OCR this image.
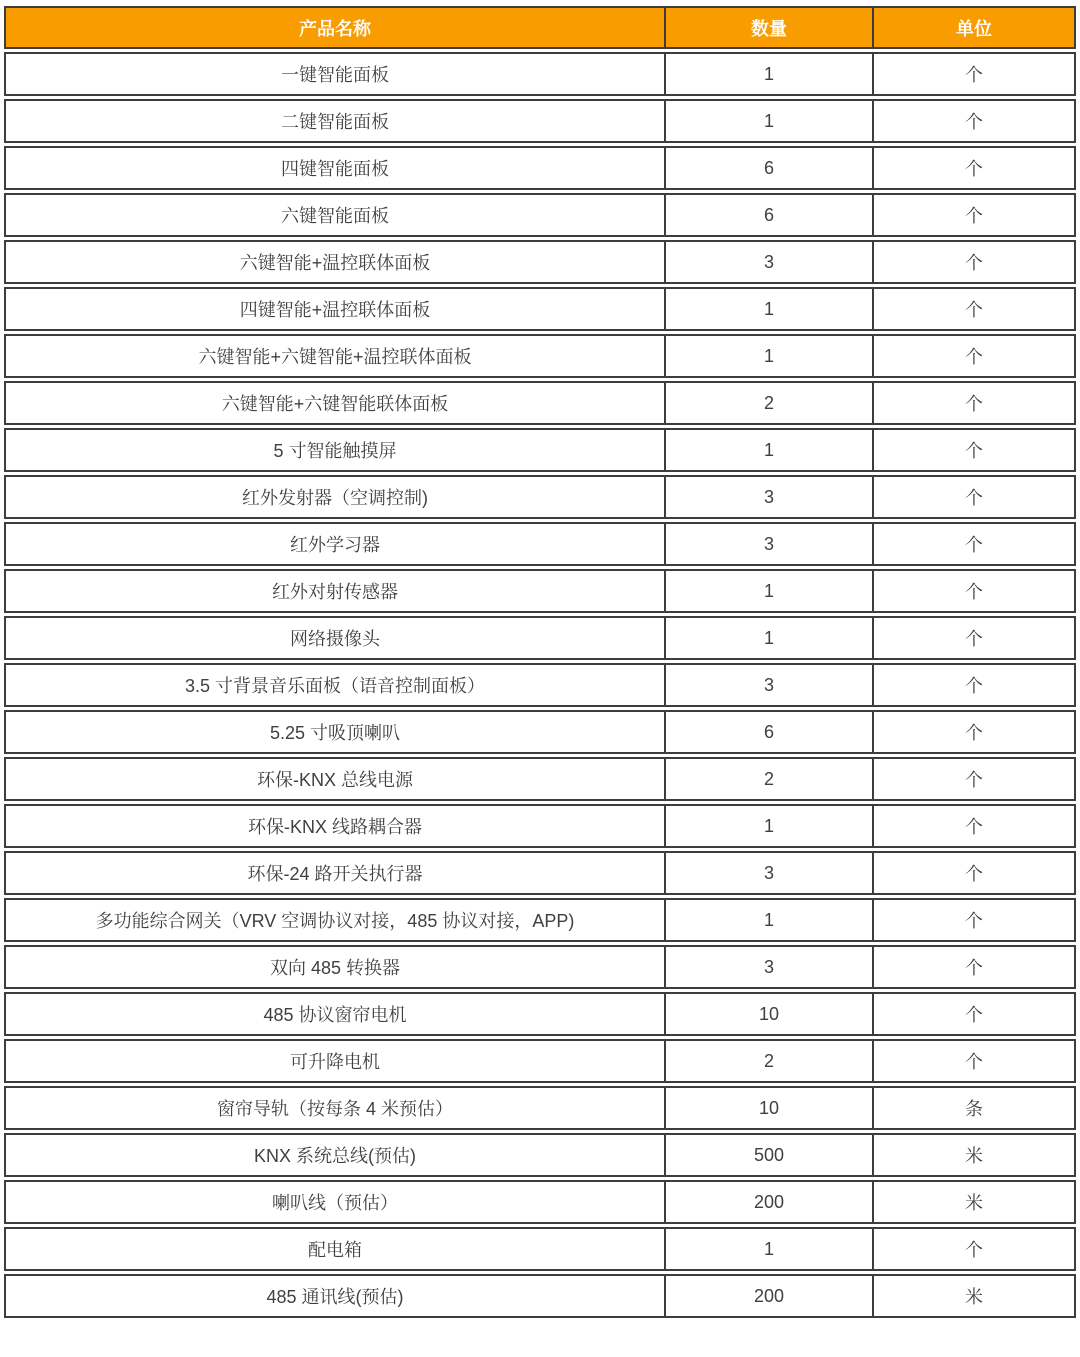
产品名称	数量	单位
一键智能面板	1	个
二键智能面板	1	个
四键智能面板	6	个
六键智能面板	6	个
六键智能+温控联体面板	3	个
四键智能+温控联体面板	1	个
六键智能+六键智能+温控联体面板	1	个
六键智能+六键智能联体面板	2	个
5 寸智能触摸屏	1	个
红外发射器（空调控制)	3	个
红外学习器	3	个
红外对射传感器	1	个
网络摄像头	1	个
3.5 寸背景音乐面板（语音控制面板）	3	个
5.25 寸吸顶喇叭	6	个
环保-KNX 总线电源	2	个
环保-KNX 线路耦合器	1	个
环保-24 路开关执行器	3	个
多功能综合网关（VRV 空调协议对接，485 协议对接，APP)	1	个
双向 485 转换器	3	个
485 协议窗帘电机	10	个
可升降电机	2	个
窗帘导轨（按每条 4 米预估）	10	条
KNX 系统总线(预估)	500	米
喇叭线（预估）	200	米
配电箱	1	个
485 通讯线(预估)	200	米
